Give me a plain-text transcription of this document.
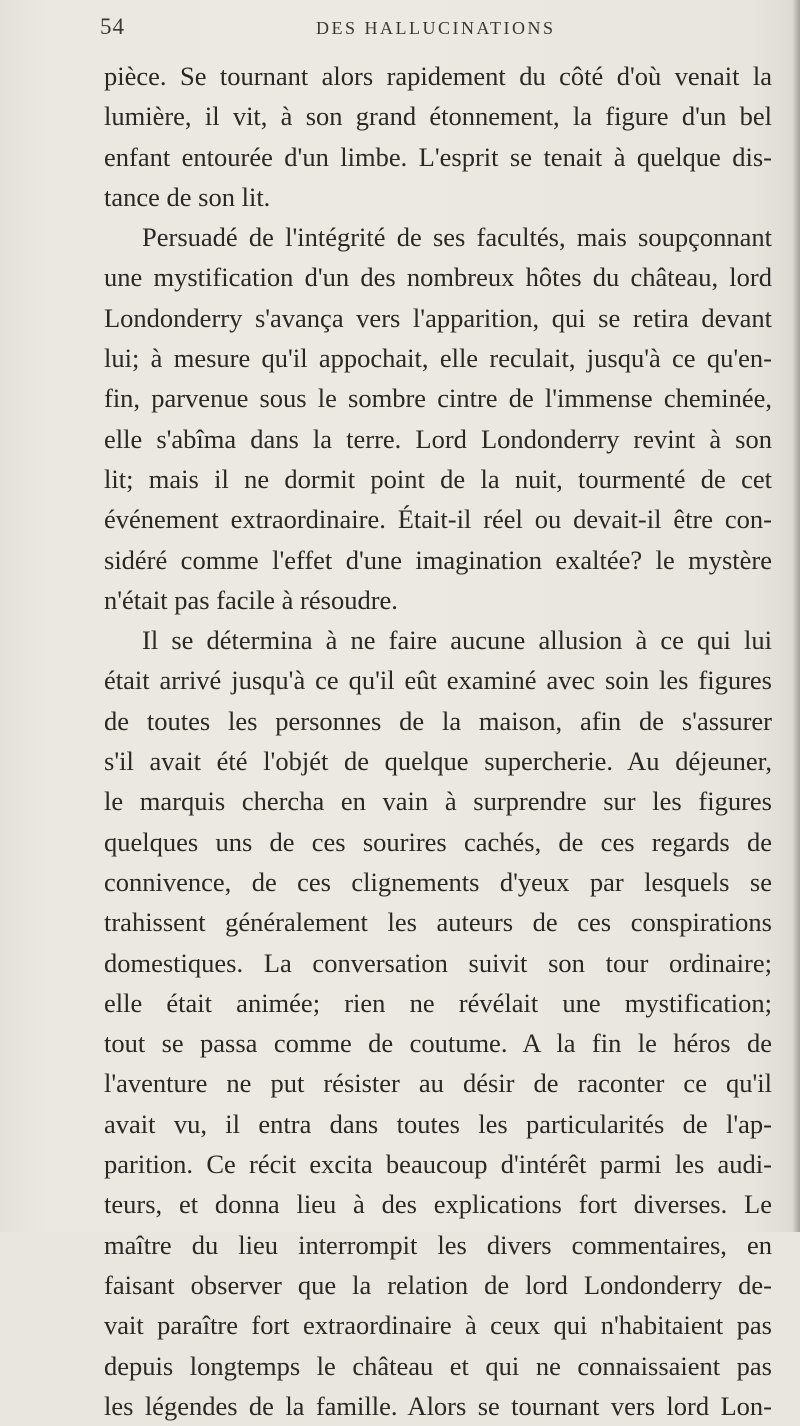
54	DES HALLUCINATIONS
pièce. Se tournant alors rapidement du côté d'où venait la
lumière, il vit, à son grand étonnement, la figure d'un bel
enfant entourée d'un limbe. L'esprit se tenait à quelque dis-
tance de son lit.
Persuadé de l'intégrité de ses facultés, mais soupçonnant
une mystification d'un des nombreux hôtes du château, lord
Londonderry s'avança vers l'apparition, qui se retira devant
lui; à mesure qu'il appochait, elle reculait, jusqu'à ce qu'en-
fin, parvenue sous le sombre cintre de l'immense cheminée,
elle s'abîma dans la terre. Lord Londonderry revint à son
lit; mais il ne dormit point de la nuit, tourmenté de cet
événement extraordinaire. Était-il réel ou devait-il être con-
sidéré comme l'effet d'une imagination exaltée? le mystère
n'était pas facile à résoudre.
Il se détermina à ne faire aucune allusion à ce qui lui
était arrivé jusqu'à ce qu'il eût examiné avec soin les figures
de toutes les personnes de la maison, afin de s'assurer
s'il avait été l'objét de quelque supercherie. Au déjeuner,
le marquis chercha en vain à surprendre sur les figures
quelques uns de ces sourires cachés, de ces regards de
connivence, de ces clignements d'yeux par lesquels se
trahissent généralement les auteurs de ces conspirations
domestiques. La conversation suivit son tour ordinaire;
elle était animée; rien ne révélait une mystification;
tout se passa comme de coutume. A la fin le héros de
l'aventure ne put résister au désir de raconter ce qu'il
avait vu, il entra dans toutes les particularités de l'ap-
parition. Ce récit excita beaucoup d'intérêt parmi les audi-
teurs, et donna lieu à des explications fort diverses. Le
maître du lieu interrompit les divers commentaires, en
faisant observer que la relation de lord Londonderry de-
vait paraître fort extraordinaire à ceux qui n'habitaient pas
depuis longtemps le château et qui ne connaissaient pas
les légendes de la famille. Alors se tournant vers lord Lon-
